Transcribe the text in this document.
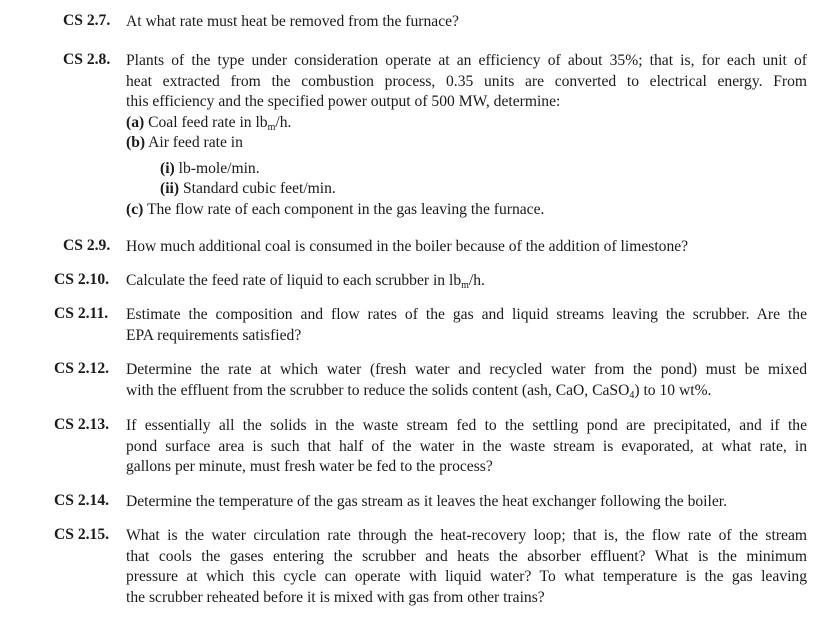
CS 2.7. At what rate must heat be removed from the furnace?
CS 2.8. Plants of the type under consideration operate at an efficiency of about 35%; that is, for each unit of
heat extracted from the combustion process, 0.35 units are converted to electrical energy. From
this efficiency and the specified power output of 500 MW, determine:
(a) Coal feed rate in $lb_m/h$.
(b) Air feed rate in
(i) lb-mole/min.
(ii) Standard cubic feet/min.
(c) The flow rate of each component in the gas leaving the furnace.
CS 2.9. How much additional coal is consumed in the boiler because of the addition of limestone?
CS 2.10. Calculate the feed rate of liquid to each scrubber in $lb_m/h$.
CS 2.11. Estimate the composition and flow rates of the gas and liquid streams leaving the scrubber. Are the
EPA requirements satisfied?
CS 2.12. Determine the rate at which water (fresh water and recycled water from the pond) must be mixed
with the effluent from the scrubber to reduce the solids content (ash, CaO, CaSO$_4$) to 10 wt%.
CS 2.13. If essentially all the solids in the waste stream fed to the settling pond are precipitated, and if the
pond surface area is such that half of the water in the waste stream is evaporated, at what rate, in
gallons per minute, must fresh water be fed to the process?
CS 2.14. Determine the temperature of the gas stream as it leaves the heat exchanger following the boiler.
CS 2.15. What is the water circulation rate through the heat-recovery loop; that is, the flow rate of the stream
that cools the gases entering the scrubber and heats the absorber effluent? What is the minimum
pressure at which this cycle can operate with liquid water? To what temperature is the gas leaving
the scrubber reheated before it is mixed with gas from other trains?
